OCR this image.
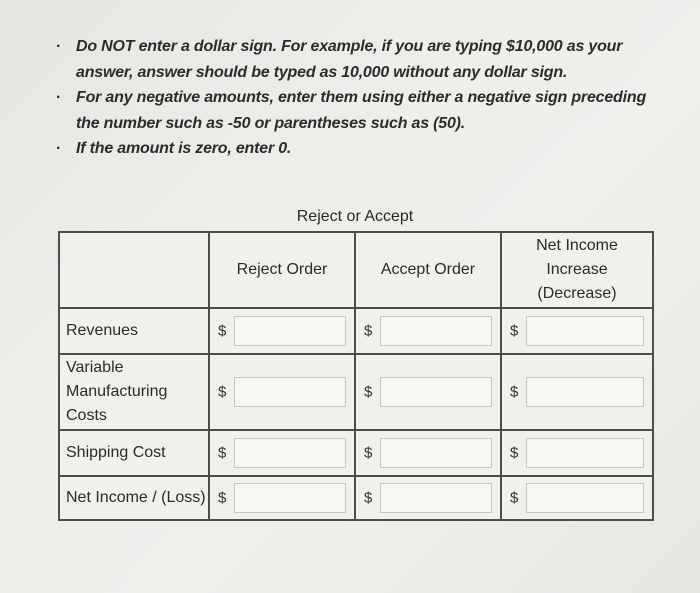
· Do NOT enter a dollar sign. For example, if you are typing $10,000 as your answer, answer should be typed as 10,000 without any dollar sign.
· For any negative amounts, enter them using either a negative sign preceding the number such as -50 or parentheses such as (50).
· If the amount is zero, enter 0.
Reject or Accept
	Reject Order	Accept Order	Net Income Increase (Decrease)
Revenues	$	$	$

Variable Manufacturing Costs	$	$	$

Shipping Cost	$	$	$

Net Income / (Loss)	$	$	$
